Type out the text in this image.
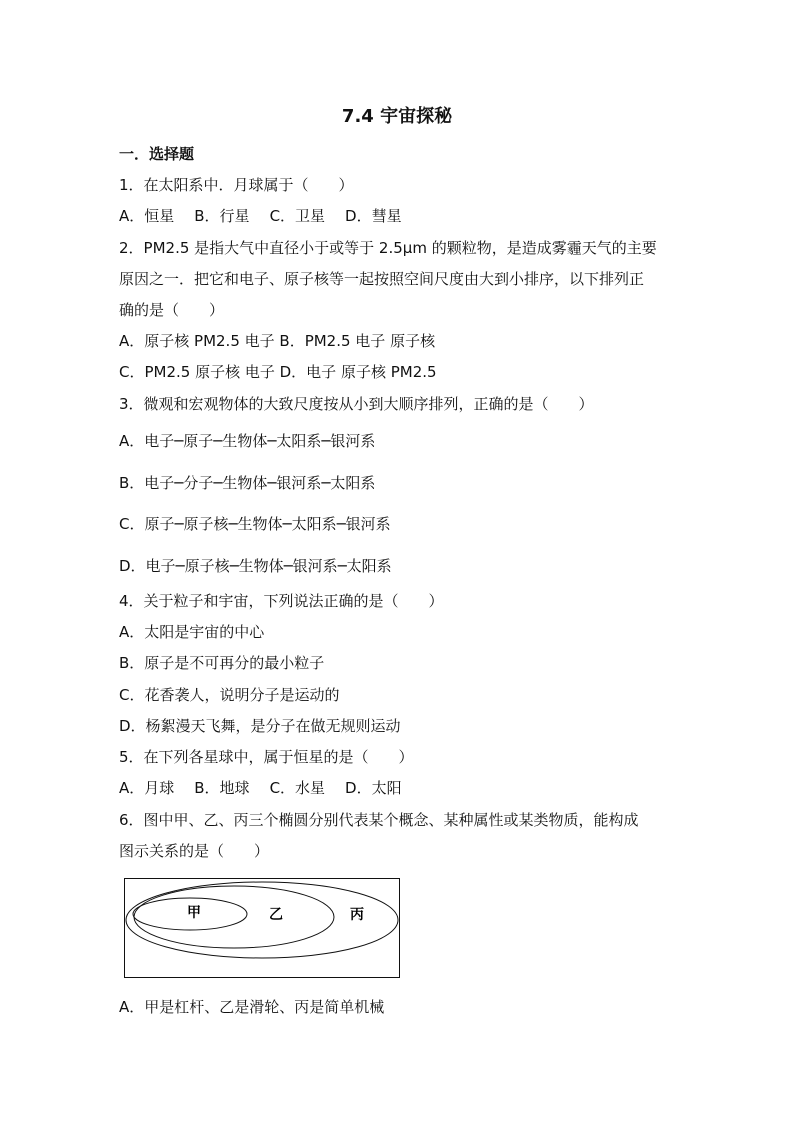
7.4 宇宙探秘
一．选择题
1．在太阳系中．月球属于（　　）
A．恒星 B．行星 C．卫星 D．彗星
2．PM2.5 是指大气中直径小于或等于 2.5μm 的颗粒物，是造成雾霾天气的主要
原因之一．把它和电子、原子核等一起按照空间尺度由大到小排序，以下排列正
确的是（　　）
A．原子核 PM2.5 电子 B．PM2.5 电子 原子核
C．PM2.5 原子核 电子 D．电子 原子核 PM2.5
3．微观和宏观物体的大致尺度按从小到大顺序排列，正确的是（　　）
A．电子─原子─生物体─太阳系─银河系
B．电子─分子─生物体─银河系─太阳系
C．原子─原子核─生物体─太阳系─银河系
D．电子─原子核─生物体─银河系─太阳系
4．关于粒子和宇宙，下列说法正确的是（　　）
A．太阳是宇宙的中心
B．原子是不可再分的最小粒子
C．花香袭人，说明分子是运动的
D．杨絮漫天飞舞，是分子在做无规则运动
5．在下列各星球中，属于恒星的是（　　）
A．月球 B．地球 C．水星 D．太阳
6．图中甲、乙、丙三个椭圆分别代表某个概念、某种属性或某类物质，能构成
图示关系的是（　　）
甲	乙	丙
A．甲是杠杆、乙是滑轮、丙是简单机械
